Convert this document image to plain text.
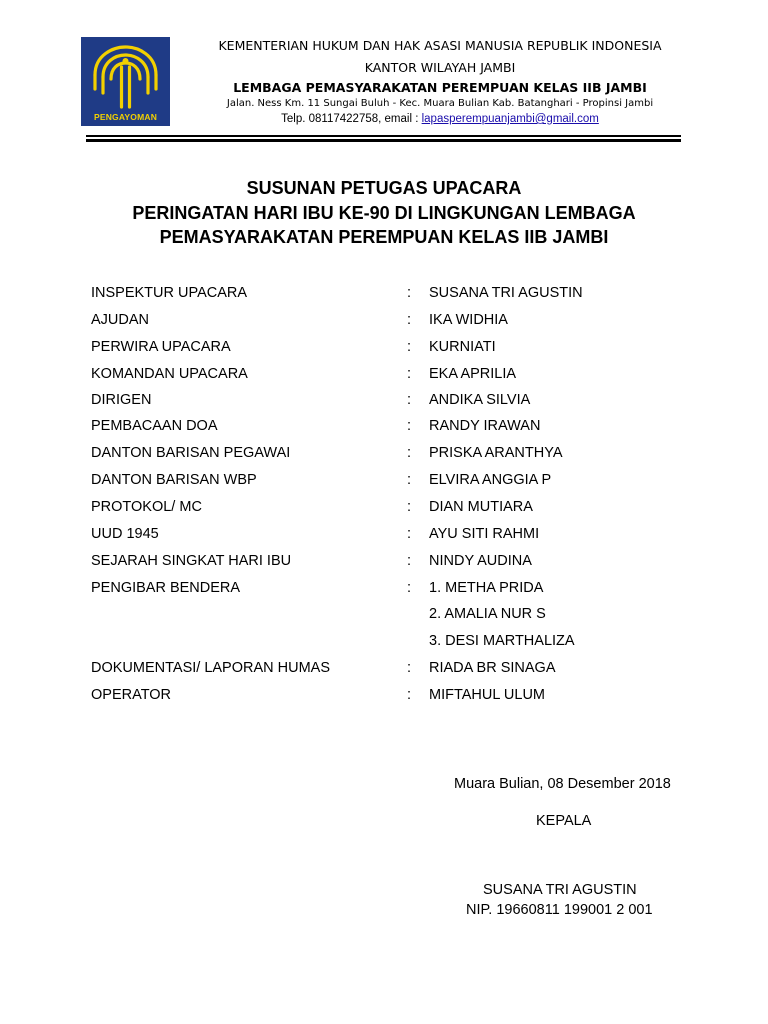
PENGAYOMAN
KEMENTERIAN HUKUM DAN HAK ASASI MANUSIA REPUBLIK INDONESIA
KANTOR WILAYAH JAMBI
LEMBAGA PEMASYARAKATAN PEREMPUAN KELAS IIB JAMBI
Jalan. Ness Km. 11 Sungai Buluh - Kec. Muara Bulian Kab. Batanghari - Propinsi Jambi
Telp. 08117422758, email : lapasperempuanjambi@gmail.com
SUSUNAN PETUGAS UPACARA
PERINGATAN HARI IBU KE-90 DI LINGKUNGAN LEMBAGA
PEMASYARAKATAN PEREMPUAN KELAS IIB JAMBI
INSPEKTUR UPACARA	: SUSANA TRI AGUSTIN
AJUDAN	: IKA WIDHIA
PERWIRA UPACARA	: KURNIATI
KOMANDAN UPACARA	: EKA APRILIA
DIRIGEN	: ANDIKA SILVIA
PEMBACAAN DOA	: RANDY IRAWAN
DANTON BARISAN PEGAWAI	: PRISKA ARANTHYA
DANTON BARISAN WBP	: ELVIRA ANGGIA P
PROTOKOL/ MC	: DIAN MUTIARA
UUD 1945	: AYU SITI RAHMI
SEJARAH SINGKAT HARI IBU	: NINDY AUDINA
PENGIBAR BENDERA	: 1. METHA PRIDA
2. AMALIA NUR S
3. DESI MARTHALIZA
DOKUMENTASI/ LAPORAN HUMAS	: RIADA BR SINAGA
OPERATOR	: MIFTAHUL ULUM
Muara Bulian, 08 Desember 2018
KEPALA
SUSANA TRI AGUSTIN
NIP. 19660811 199001 2 001
